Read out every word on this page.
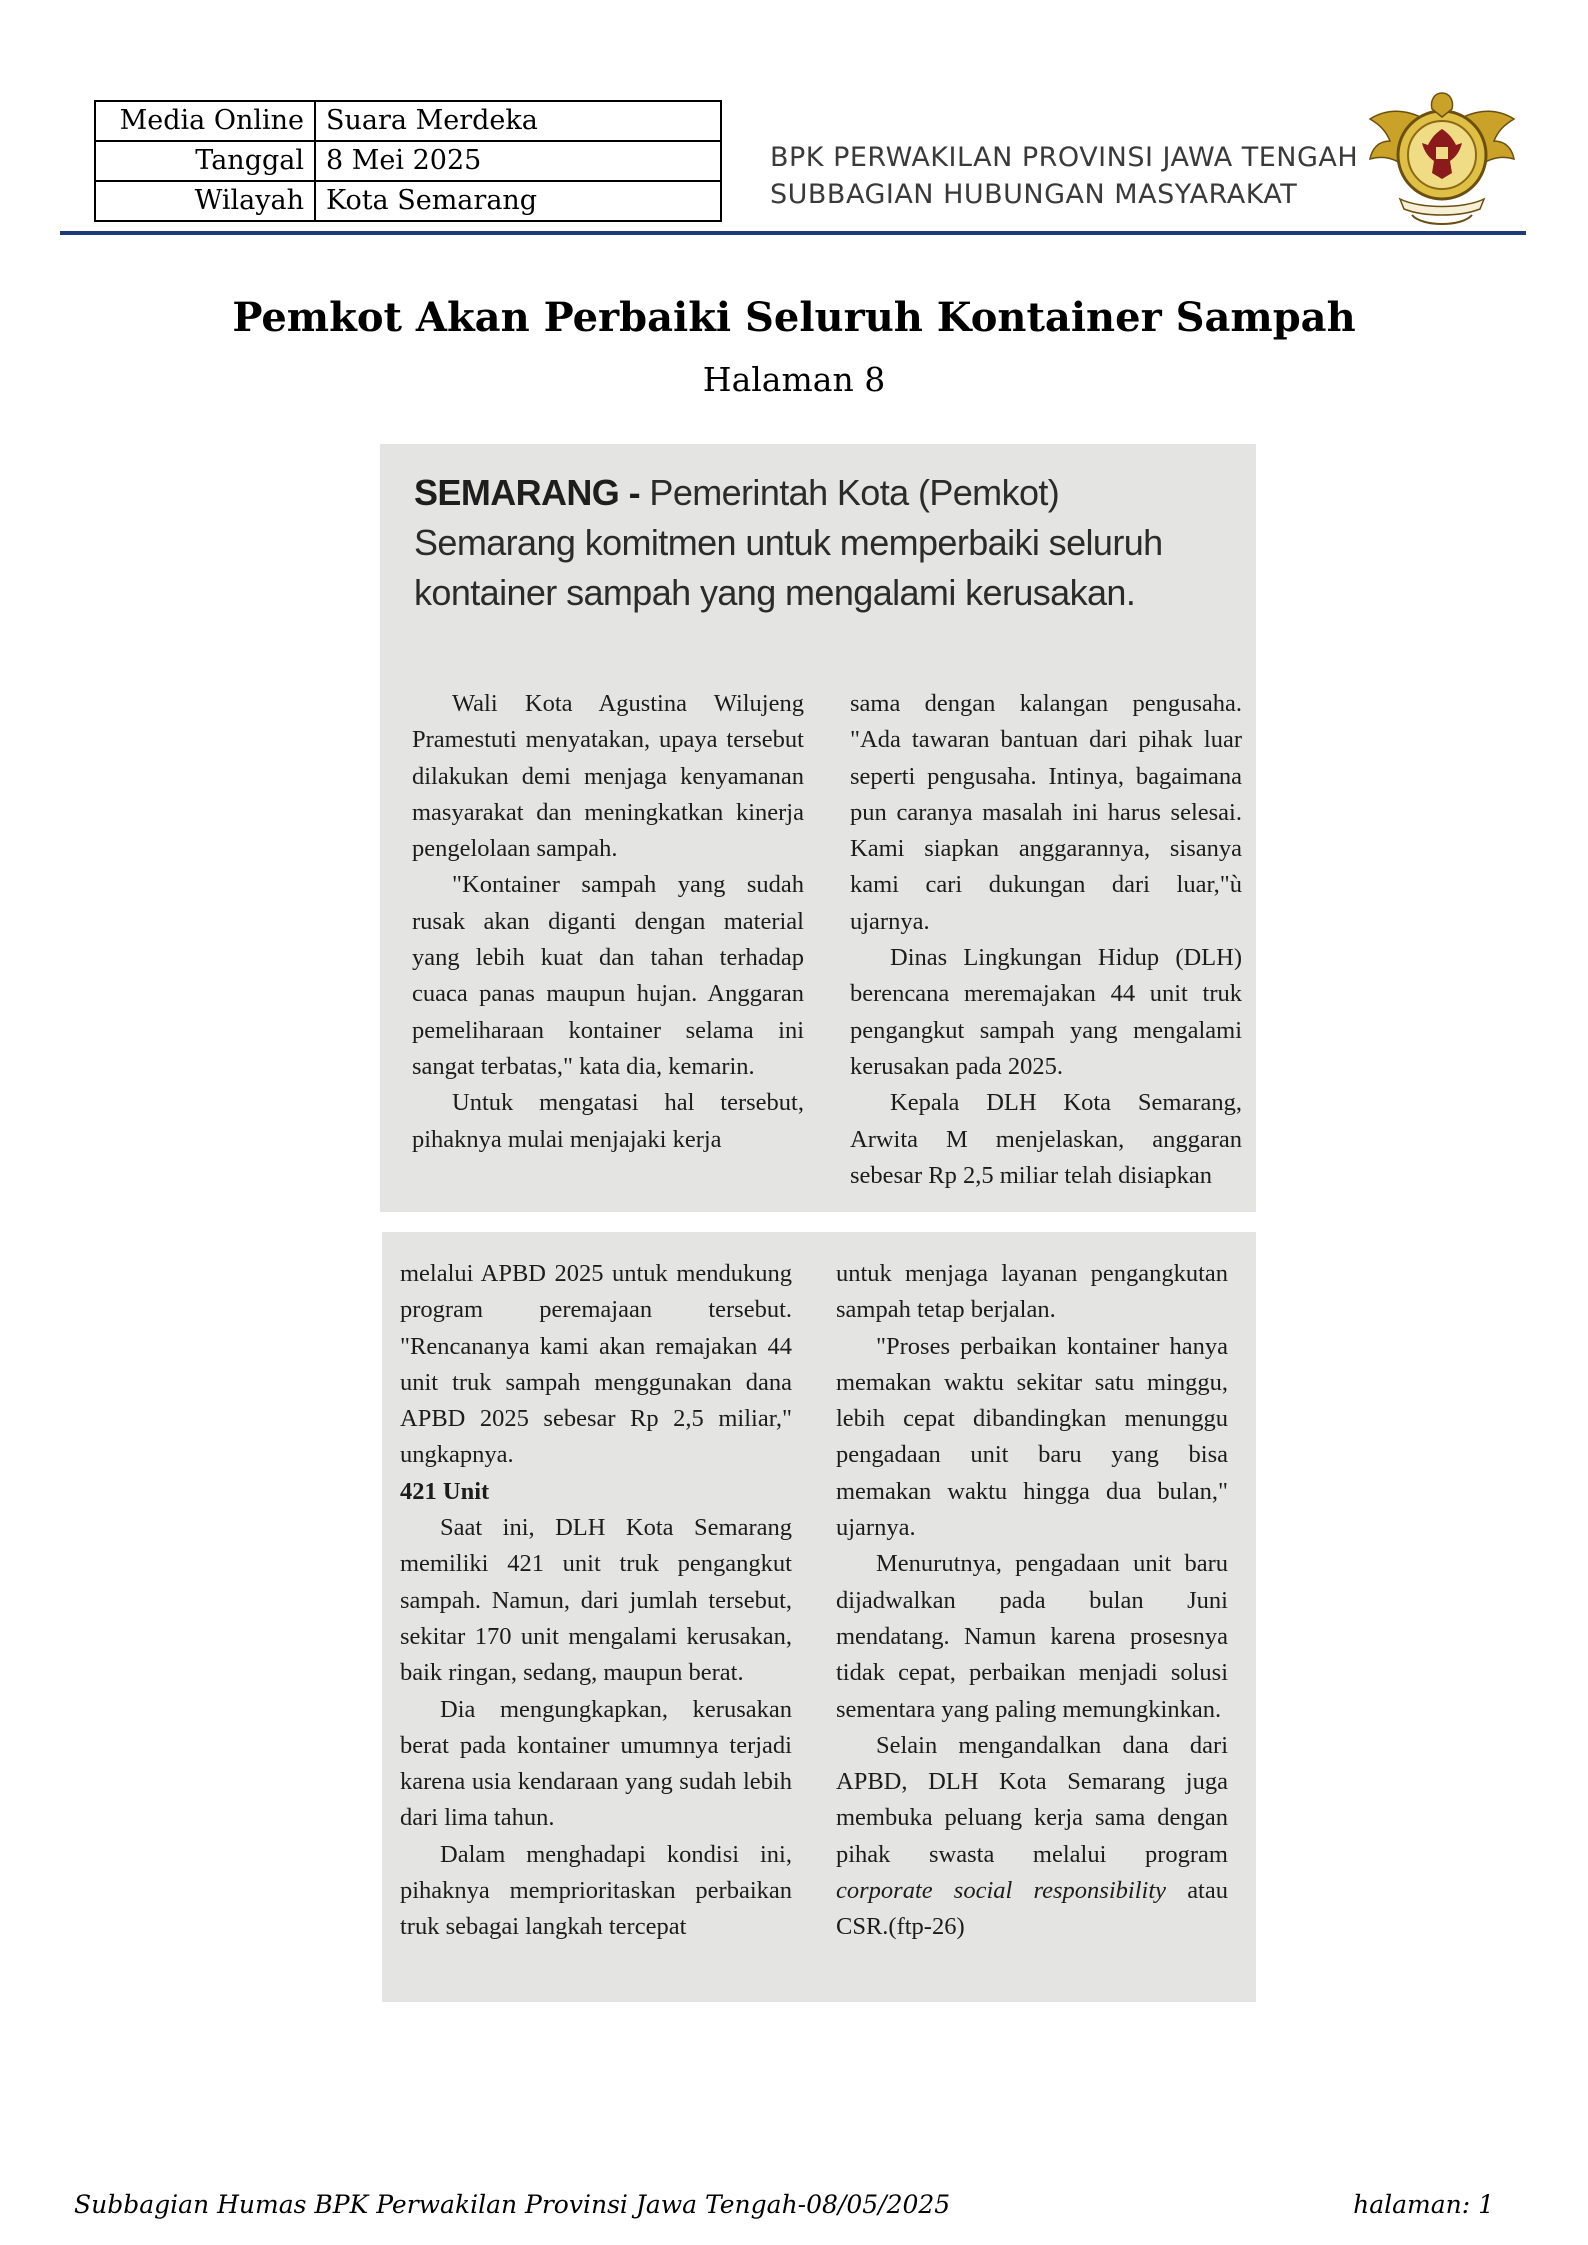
Media Online	Suara Merdeka
Tanggal	8 Mei 2025
Wilayah	Kota Semarang
BPK PERWAKILAN PROVINSI JAWA TENGAH
SUBBAGIAN HUBUNGAN MASYARAKAT
Pemkot Akan Perbaiki Seluruh Kontainer Sampah
Halaman 8
SEMARANG - Pemerintah Kota (Pemkot) Semarang komitmen untuk memperbaiki seluruh kontainer sampah yang mengalami kerusakan.

Wali Kota Agustina Wilujeng Pramestuti menyatakan, upaya tersebut dilakukan demi menjaga kenyamanan masyarakat dan meningkatkan kinerja pengelolaan sampah.

"Kontainer sampah yang sudah rusak akan diganti dengan material yang lebih kuat dan tahan terhadap cuaca panas maupun hujan. Anggaran pemeliharaan kontainer selama ini sangat terbatas," kata dia, kemarin.

Untuk mengatasi hal tersebut, pihaknya mulai menjajaki kerja

sama dengan kalangan pengusaha. "Ada tawaran bantuan dari pihak luar seperti pengusaha. Intinya, bagaimana pun caranya masalah ini harus selesai. Kami siapkan anggarannya, sisanya kami cari dukungan dari luar,"ù ujarnya.

Dinas Lingkungan Hidup (DLH) berencana meremajakan 44 unit truk pengangkut sampah yang mengalami kerusakan pada 2025.

Kepala DLH Kota Semarang, Arwita M menjelaskan, anggaran sebesar Rp 2,5 miliar telah disiapkan

melalui APBD 2025 untuk mendukung program peremajaan tersebut. "Rencananya kami akan remajakan 44 unit truk sampah menggunakan dana APBD 2025 sebesar Rp 2,5 miliar," ungkapnya.

421 Unit

Saat ini, DLH Kota Semarang memiliki 421 unit truk pengangkut sampah. Namun, dari jumlah tersebut, sekitar 170 unit mengalami kerusakan, baik ringan, sedang, maupun berat.

Dia mengungkapkan, kerusakan berat pada kontainer umumnya terjadi karena usia kendaraan yang sudah lebih dari lima tahun.

Dalam menghadapi kondisi ini, pihaknya memprioritaskan perbaikan truk sebagai langkah tercepat

untuk menjaga layanan pengangkutan sampah tetap berjalan.

"Proses perbaikan kontainer hanya memakan waktu sekitar satu minggu, lebih cepat dibandingkan menunggu pengadaan unit baru yang bisa memakan waktu hingga dua bulan," ujarnya.

Menurutnya, pengadaan unit baru dijadwalkan pada bulan Juni mendatang. Namun karena prosesnya tidak cepat, perbaikan menjadi solusi sementara yang paling memungkinkan.

Selain mengandalkan dana dari APBD, DLH Kota Semarang juga membuka peluang kerja sama dengan pihak swasta melalui program corporate social responsibility atau CSR.(ftp-26)

Subbagian Humas BPK Perwakilan Provinsi Jawa Tengah-08/05/2025	halaman: 1
